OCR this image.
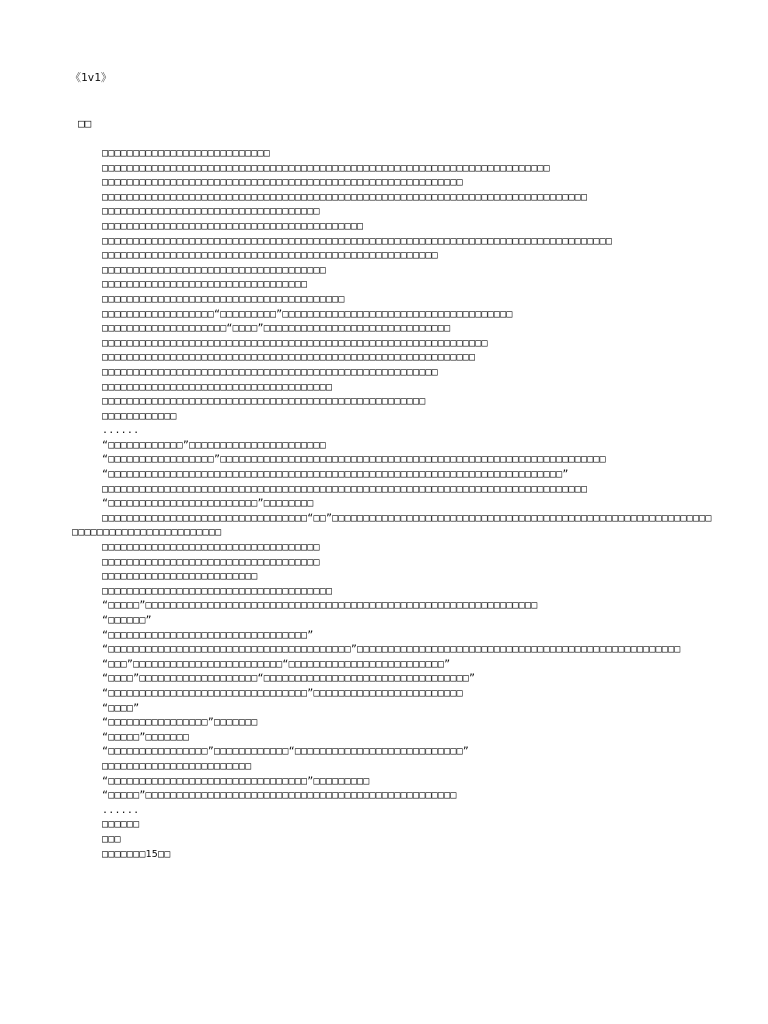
《1v1》
□□

□□□□□□□□□□□□□□□□□□□□□□□□□□□

□□□□□□□□□□□□□□□□□□□□□□□□□□□□□□□□□□□□□□□□□□□□□□□□□□□□□□□□□□□□□□□□□□□□□□□□

□□□□□□□□□□□□□□□□□□□□□□□□□□□□□□□□□□□□□□□□□□□□□□□□□□□□□□□□□□

□□□□□□□□□□□□□□□□□□□□□□□□□□□□□□□□□□□□□□□□□□□□□□□□□□□□□□□□□□□□□□□□□□□□□□□□□□□□□□

□□□□□□□□□□□□□□□□□□□□□□□□□□□□□□□□□□□

□□□□□□□□□□□□□□□□□□□□□□□□□□□□□□□□□□□□□□□□□□

□□□□□□□□□□□□□□□□□□□□□□□□□□□□□□□□□□□□□□□□□□□□□□□□□□□□□□□□□□□□□□□□□□□□□□□□□□□□□□□□□□

□□□□□□□□□□□□□□□□□□□□□□□□□□□□□□□□□□□□□□□□□□□□□□□□□□□□□□

□□□□□□□□□□□□□□□□□□□□□□□□□□□□□□□□□□□□

□□□□□□□□□□□□□□□□□□□□□□□□□□□□□□□□□

□□□□□□□□□□□□□□□□□□□□□□□□□□□□□□□□□□□□□□□

□□□□□□□□□□□□□□□□□□“□□□□□□□□□”□□□□□□□□□□□□□□□□□□□□□□□□□□□□□□□□□□□□□

□□□□□□□□□□□□□□□□□□□□“□□□□”□□□□□□□□□□□□□□□□□□□□□□□□□□□□□□

□□□□□□□□□□□□□□□□□□□□□□□□□□□□□□□□□□□□□□□□□□□□□□□□□□□□□□□□□□□□□□

□□□□□□□□□□□□□□□□□□□□□□□□□□□□□□□□□□□□□□□□□□□□□□□□□□□□□□□□□□□□

□□□□□□□□□□□□□□□□□□□□□□□□□□□□□□□□□□□□□□□□□□□□□□□□□□□□□□

□□□□□□□□□□□□□□□□□□□□□□□□□□□□□□□□□□□□□

□□□□□□□□□□□□□□□□□□□□□□□□□□□□□□□□□□□□□□□□□□□□□□□□□□□□

□□□□□□□□□□□□

......

“□□□□□□□□□□□□”□□□□□□□□□□□□□□□□□□□□□□

“□□□□□□□□□□□□□□□□□”□□□□□□□□□□□□□□□□□□□□□□□□□□□□□□□□□□□□□□□□□□□□□□□□□□□□□□□□□□□□□□

“□□□□□□□□□□□□□□□□□□□□□□□□□□□□□□□□□□□□□□□□□□□□□□□□□□□□□□□□□□□□□□□□□□□□□□□□□”

□□□□□□□□□□□□□□□□□□□□□□□□□□□□□□□□□□□□□□□□□□□□□□□□□□□□□□□□□□□□□□□□□□□□□□□□□□□□□□

“□□□□□□□□□□□□□□□□□□□□□□□□”□□□□□□□□

□□□□□□□□□□□□□□□□□□□□□□□□□□□□□□□□□“□□”□□□□□□□□□□□□□□□□□□□□□□□□□□□□□□□□□□□□□□□□□□□□□□□□□□□□□□□□□□□□□□□□□□□□□□□□□□□□□□□□□□□□□

□□□□□□□□□□□□□□□□□□□□□□□□□□□□□□□□□□□

□□□□□□□□□□□□□□□□□□□□□□□□□□□□□□□□□□□

□□□□□□□□□□□□□□□□□□□□□□□□□

□□□□□□□□□□□□□□□□□□□□□□□□□□□□□□□□□□□□□

“□□□□□”□□□□□□□□□□□□□□□□□□□□□□□□□□□□□□□□□□□□□□□□□□□□□□□□□□□□□□□□□□□□□□□

“□□□□□□”

“□□□□□□□□□□□□□□□□□□□□□□□□□□□□□□□□”

“□□□□□□□□□□□□□□□□□□□□□□□□□□□□□□□□□□□□□□□”□□□□□□□□□□□□□□□□□□□□□□□□□□□□□□□□□□□□□□□□□□□□□□□□□□□□

“□□□”□□□□□□□□□□□□□□□□□□□□□□□□“□□□□□□□□□□□□□□□□□□□□□□□□□”

“□□□□”□□□□□□□□□□□□□□□□□□□“□□□□□□□□□□□□□□□□□□□□□□□□□□□□□□□□□”

“□□□□□□□□□□□□□□□□□□□□□□□□□□□□□□□□”□□□□□□□□□□□□□□□□□□□□□□□□

“□□□□”

“□□□□□□□□□□□□□□□□”□□□□□□□

“□□□□□”□□□□□□□

“□□□□□□□□□□□□□□□□”□□□□□□□□□□□□“□□□□□□□□□□□□□□□□□□□□□□□□□□□”

□□□□□□□□□□□□□□□□□□□□□□□□

“□□□□□□□□□□□□□□□□□□□□□□□□□□□□□□□□”□□□□□□□□□

“□□□□□”□□□□□□□□□□□□□□□□□□□□□□□□□□□□□□□□□□□□□□□□□□□□□□□□□□

......

□□□□□□

□□□

□□□□□□□15□□
